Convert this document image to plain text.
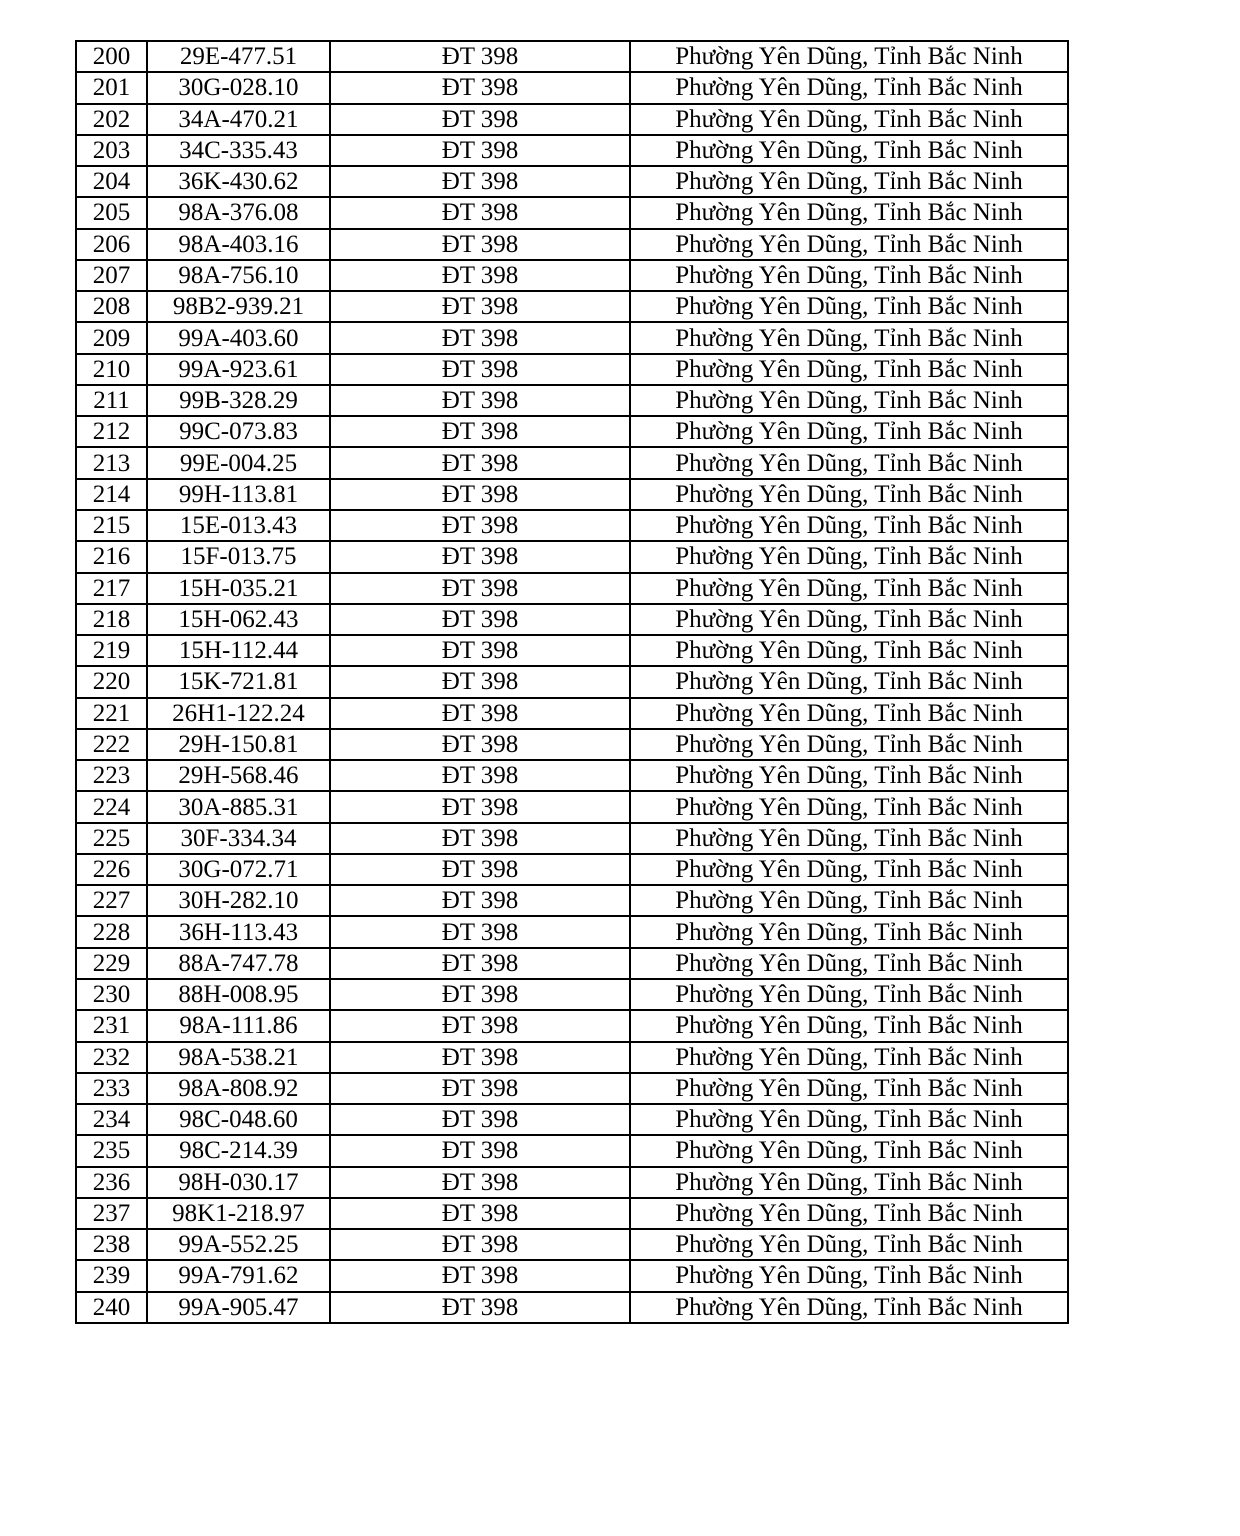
200	29E-477.51	ĐT 398	Phường Yên Dũng, Tỉnh Bắc Ninh
201	30G-028.10	ĐT 398	Phường Yên Dũng, Tỉnh Bắc Ninh
202	34A-470.21	ĐT 398	Phường Yên Dũng, Tỉnh Bắc Ninh
203	34C-335.43	ĐT 398	Phường Yên Dũng, Tỉnh Bắc Ninh
204	36K-430.62	ĐT 398	Phường Yên Dũng, Tỉnh Bắc Ninh
205	98A-376.08	ĐT 398	Phường Yên Dũng, Tỉnh Bắc Ninh
206	98A-403.16	ĐT 398	Phường Yên Dũng, Tỉnh Bắc Ninh
207	98A-756.10	ĐT 398	Phường Yên Dũng, Tỉnh Bắc Ninh
208	98B2-939.21	ĐT 398	Phường Yên Dũng, Tỉnh Bắc Ninh
209	99A-403.60	ĐT 398	Phường Yên Dũng, Tỉnh Bắc Ninh
210	99A-923.61	ĐT 398	Phường Yên Dũng, Tỉnh Bắc Ninh
211	99B-328.29	ĐT 398	Phường Yên Dũng, Tỉnh Bắc Ninh
212	99C-073.83	ĐT 398	Phường Yên Dũng, Tỉnh Bắc Ninh
213	99E-004.25	ĐT 398	Phường Yên Dũng, Tỉnh Bắc Ninh
214	99H-113.81	ĐT 398	Phường Yên Dũng, Tỉnh Bắc Ninh
215	15E-013.43	ĐT 398	Phường Yên Dũng, Tỉnh Bắc Ninh
216	15F-013.75	ĐT 398	Phường Yên Dũng, Tỉnh Bắc Ninh
217	15H-035.21	ĐT 398	Phường Yên Dũng, Tỉnh Bắc Ninh
218	15H-062.43	ĐT 398	Phường Yên Dũng, Tỉnh Bắc Ninh
219	15H-112.44	ĐT 398	Phường Yên Dũng, Tỉnh Bắc Ninh
220	15K-721.81	ĐT 398	Phường Yên Dũng, Tỉnh Bắc Ninh
221	26H1-122.24	ĐT 398	Phường Yên Dũng, Tỉnh Bắc Ninh
222	29H-150.81	ĐT 398	Phường Yên Dũng, Tỉnh Bắc Ninh
223	29H-568.46	ĐT 398	Phường Yên Dũng, Tỉnh Bắc Ninh
224	30A-885.31	ĐT 398	Phường Yên Dũng, Tỉnh Bắc Ninh
225	30F-334.34	ĐT 398	Phường Yên Dũng, Tỉnh Bắc Ninh
226	30G-072.71	ĐT 398	Phường Yên Dũng, Tỉnh Bắc Ninh
227	30H-282.10	ĐT 398	Phường Yên Dũng, Tỉnh Bắc Ninh
228	36H-113.43	ĐT 398	Phường Yên Dũng, Tỉnh Bắc Ninh
229	88A-747.78	ĐT 398	Phường Yên Dũng, Tỉnh Bắc Ninh
230	88H-008.95	ĐT 398	Phường Yên Dũng, Tỉnh Bắc Ninh
231	98A-111.86	ĐT 398	Phường Yên Dũng, Tỉnh Bắc Ninh
232	98A-538.21	ĐT 398	Phường Yên Dũng, Tỉnh Bắc Ninh
233	98A-808.92	ĐT 398	Phường Yên Dũng, Tỉnh Bắc Ninh
234	98C-048.60	ĐT 398	Phường Yên Dũng, Tỉnh Bắc Ninh
235	98C-214.39	ĐT 398	Phường Yên Dũng, Tỉnh Bắc Ninh
236	98H-030.17	ĐT 398	Phường Yên Dũng, Tỉnh Bắc Ninh
237	98K1-218.97	ĐT 398	Phường Yên Dũng, Tỉnh Bắc Ninh
238	99A-552.25	ĐT 398	Phường Yên Dũng, Tỉnh Bắc Ninh
239	99A-791.62	ĐT 398	Phường Yên Dũng, Tỉnh Bắc Ninh
240	99A-905.47	ĐT 398	Phường Yên Dũng, Tỉnh Bắc Ninh
